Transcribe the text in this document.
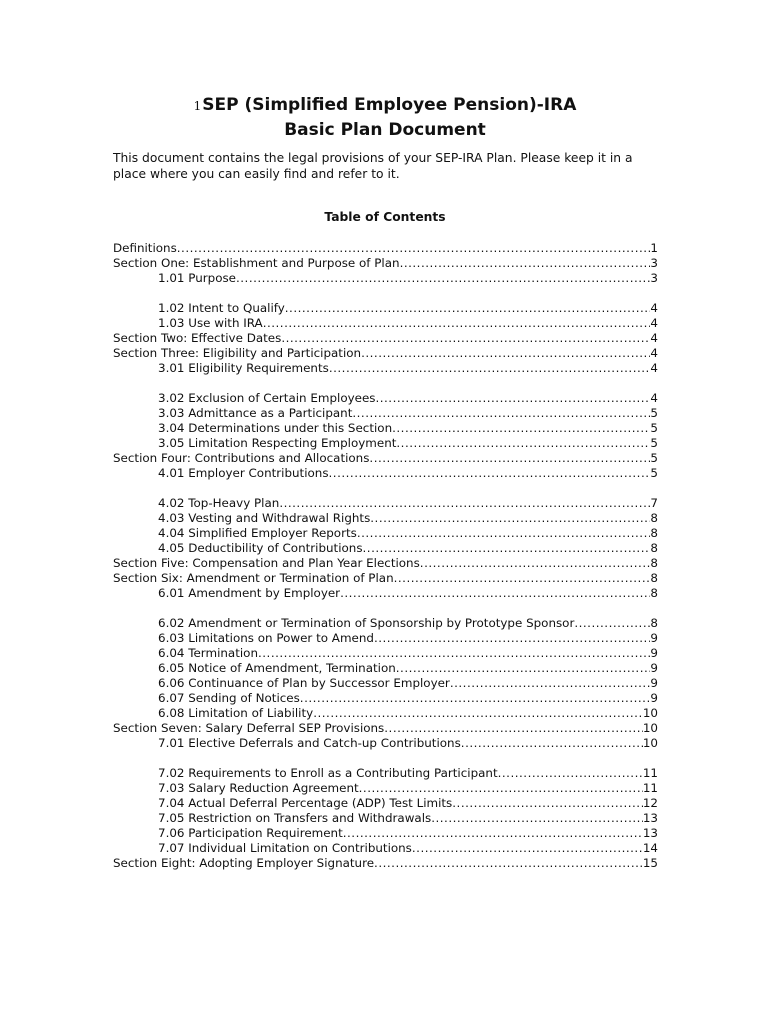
1SEP (Simplified Employee Pension)-IRA
Basic Plan Document
This document contains the legal provisions of your SEP-IRA Plan. Please keep it in a place where you can easily find and refer to it.
Table of Contents
Definitions .....	1
Section One: Establishment and Purpose of Plan .....	3
1.01 Purpose .....	3
1.02 Intent to Qualify .....	4
1.03 Use with IRA .....	4
Section Two: Effective Dates .....	4
Section Three: Eligibility and Participation .....	4
3.01 Eligibility Requirements .....	4
3.02 Exclusion of Certain Employees .....	4
3.03 Admittance as a Participant .....	5
3.04 Determinations under this Section .....	5
3.05 Limitation Respecting Employment .....	5
Section Four: Contributions and Allocations .....	5
4.01 Employer Contributions .....	5
4.02 Top-Heavy Plan .....	7
4.03 Vesting and Withdrawal Rights .....	8
4.04 Simplified Employer Reports .....	8
4.05 Deductibility of Contributions .....	8
Section Five: Compensation and Plan Year Elections .....	8
Section Six: Amendment or Termination of Plan .....	8
6.01 Amendment by Employer .....	8
6.02 Amendment or Termination of Sponsorship by Prototype Sponsor .....	8
6.03 Limitations on Power to Amend .....	9
6.04 Termination .....	9
6.05 Notice of Amendment, Termination .....	9
6.06 Continuance of Plan by Successor Employer .....	9
6.07 Sending of Notices .....	9
6.08 Limitation of Liability .....	10
Section Seven: Salary Deferral SEP Provisions .....	10
7.01 Elective Deferrals and Catch-up Contributions .....	10
7.02 Requirements to Enroll as a Contributing Participant .....	11
7.03 Salary Reduction Agreement .....	11
7.04 Actual Deferral Percentage (ADP) Test Limits .....	12
7.05 Restriction on Transfers and Withdrawals .....	13
7.06 Participation Requirement .....	13
7.07 Individual Limitation on Contributions .....	14
Section Eight: Adopting Employer Signature .....	15
